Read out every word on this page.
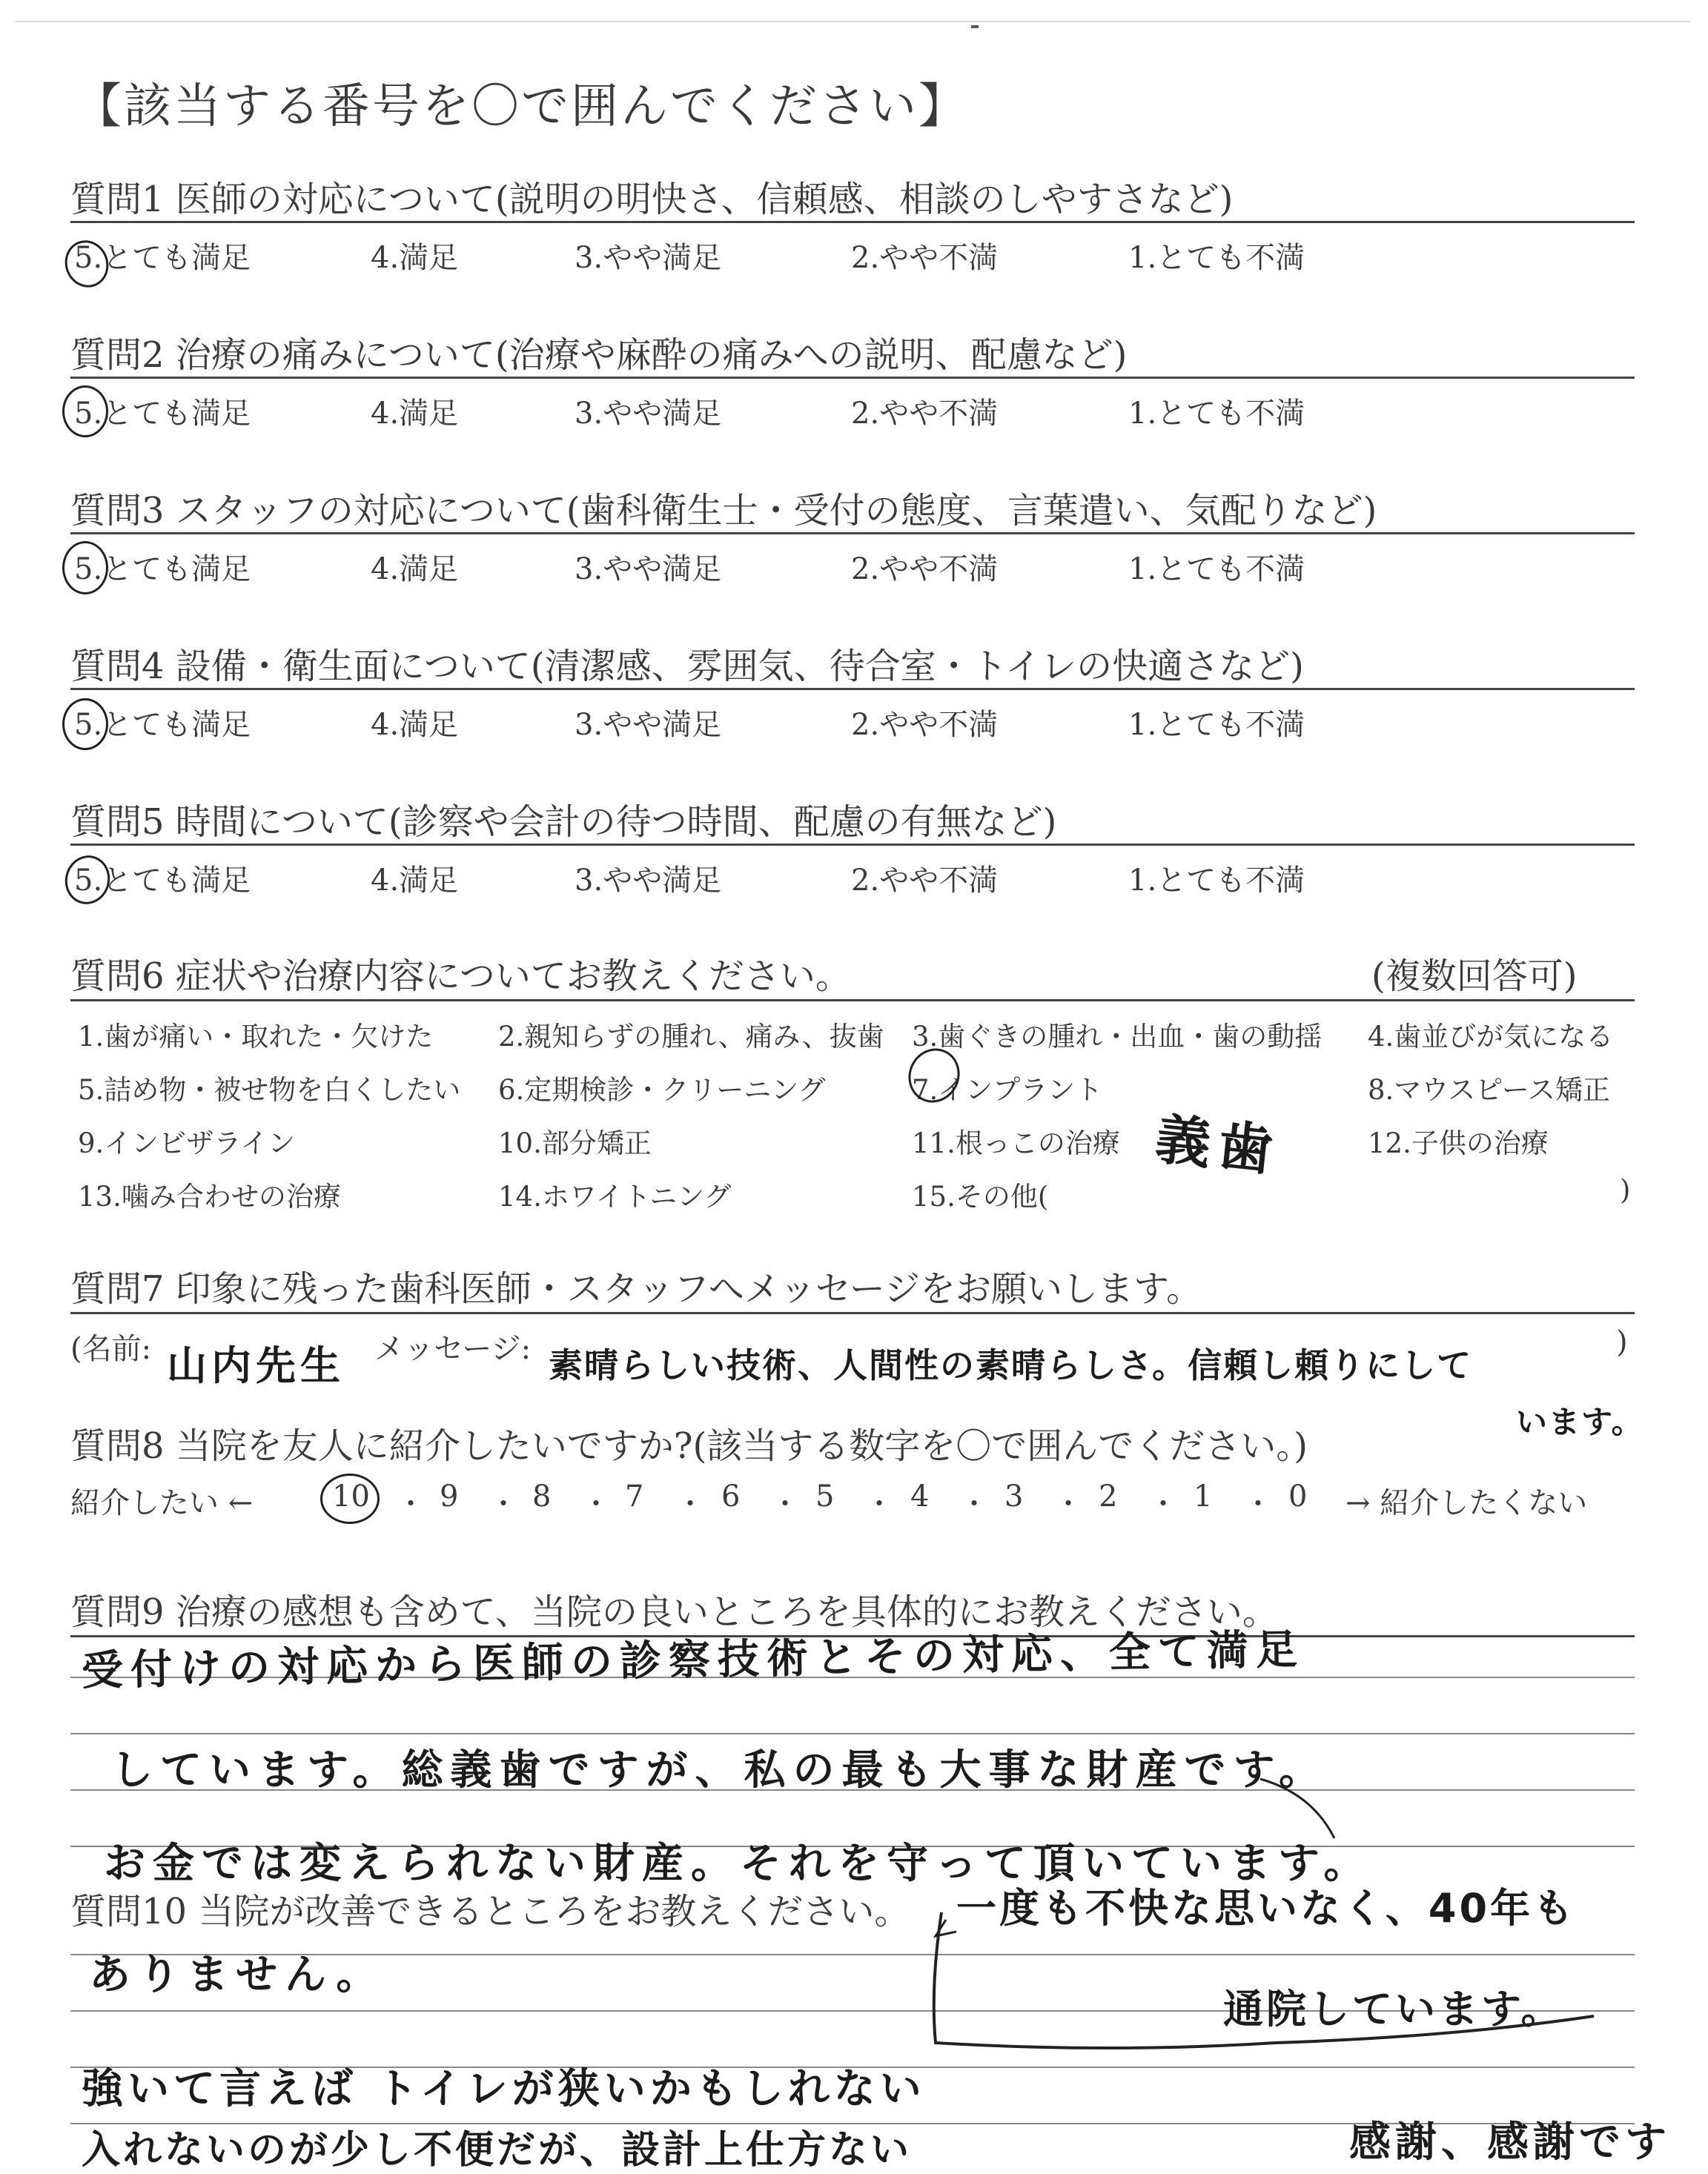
【該当する番号を〇で囲んでください】
質問1 医師の対応について(説明の明快さ、信頼感、相談のしやすさなど)
5.とても満足	4.満足	3.やや満足	2.やや不満	1.とても不満
質問2 治療の痛みについて(治療や麻酔の痛みへの説明、配慮など)
5.とても満足	4.満足	3.やや満足	2.やや不満	1.とても不満
質問3 スタッフの対応について(歯科衛生士・受付の態度、言葉遣い、気配りなど)
5.とても満足	4.満足	3.やや満足	2.やや不満	1.とても不満
質問4 設備・衛生面について(清潔感、雰囲気、待合室・トイレの快適さなど)
5.とても満足	4.満足	3.やや満足	2.やや不満	1.とても不満
質問5 時間について(診察や会計の待つ時間、配慮の有無など)
5.とても満足	4.満足	3.やや満足	2.やや不満	1.とても不満
質問6 症状や治療内容についてお教えください。	(複数回答可)
1.歯が痛い・取れた・欠けた 2.親知らずの腫れ、痛み、抜歯 3.歯ぐきの腫れ・出血・歯の動揺 4.歯並びが気になる
5.詰め物・被せ物を白くしたい 6.定期検診・クリーニング	7.インプラント	8.マウスピース矯正
9.インビザライン	10.部分矯正	11.根っこの治療	12.子供の治療
13.噛み合わせの治療	14.ホワイトニング	15.その他(	)
義歯
質問7 印象に残った歯科医師・スタッフへメッセージをお願いします。
(名前:	メッセージ:	)
山内先生	素晴らしい技術、人間性の素晴らしさ。信頼し頼りにして
います。
質問8 当院を友人に紹介したいですか?(該当する数字を〇で囲んでください。)
紹介したい ←	→ 紹介したくない
10 ・ 9 ・ 8 ・ 7 ・ 6 ・ 5 ・ 4 ・ 3 ・ 2 ・ 1 ・ 0
質問9 治療の感想も含めて、当院の良いところを具体的にお教えください。
受付けの対応から医師の診察技術とその対応、全て満足
しています。総義歯ですが、私の最も大事な財産です。
お金では変えられない財産。それを守って頂いています。
質問10 当院が改善できるところをお教えください。 一度も不快な思いなく、40年も
通院しています。
ありません。
強いて言えば トイレが狭いかもしれない
入れないのが少し不便だが、設計上仕方ない	感謝、感謝です
